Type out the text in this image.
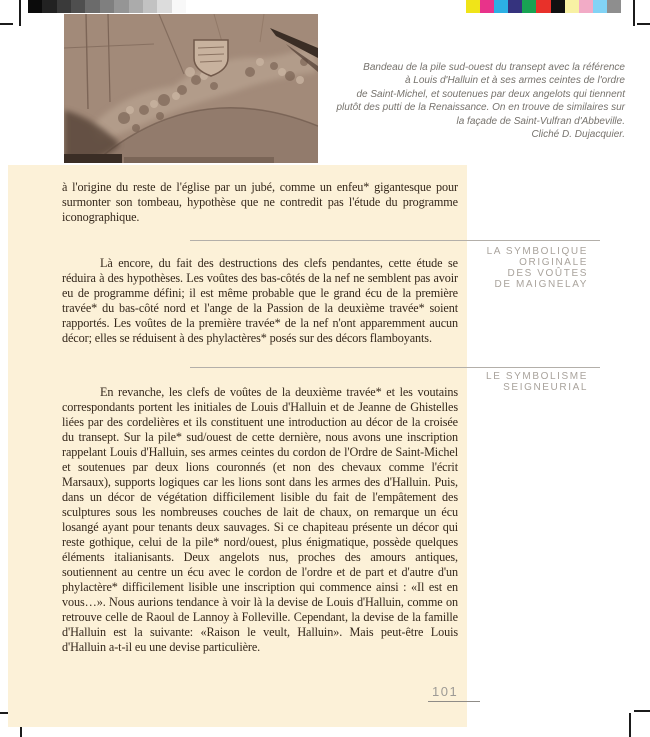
Bandeau de la pile sud-ouest du transept avec la référence
à Louis d'Halluin et à ses armes ceintes de l'ordre
de Saint-Michel, et soutenues par deux angelots qui tiennent
plutôt des putti de la Renaissance. On en trouve de similaires sur
la façade de Saint-Vulfran d'Abbeville.
Cliché D. Dujacquier.
à l'origine du reste de l'église par un jubé, comme un enfeu* gigantesque pour surmonter son tombeau, hypothèse que ne contredit pas l'étude du programme iconographique.
LA SYMBOLIQUE
ORIGINALE
DES VOÛTES
DE MAIGNELAY
Là encore, du fait des destructions des clefs pendantes, cette étude se réduira à des hypothèses. Les voûtes des bas-côtés de la nef ne semblent pas avoir eu de programme défini; il est même probable que le grand écu de la première travée* du bas-côté nord et l'ange de la Passion de la deuxième travée* soient rapportés. Les voûtes de la première travée* de la nef n'ont apparemment aucun décor; elles se réduisent à des phylactères* posés sur des décors flamboyants.
LE SYMBOLISME
SEIGNEURIAL
En revanche, les clefs de voûtes de la deuxième travée* et les voutains correspondants portent les initiales de Louis d'Halluin et de Jeanne de Ghistelles liées par des cordelières et ils constituent une introduction au décor de la croisée du transept. Sur la pile* sud/ouest de cette dernière, nous avons une inscription rappelant Louis d'Halluin, ses armes ceintes du cordon de l'Ordre de Saint-Michel et soutenues par deux lions couronnés (et non des chevaux comme l'écrit Marsaux), supports logiques car les lions sont dans les armes des d'Halluin. Puis, dans un décor de végétation difficilement lisible du fait de l'empâtement des sculptures sous les nombreuses couches de lait de chaux, on remarque un écu losangé ayant pour tenants deux sauvages. Si ce chapiteau présente un décor qui reste gothique, celui de la pile* nord/ouest, plus énigmatique, possède quelques éléments italianisants. Deux angelots nus, proches des amours antiques, soutiennent au centre un écu avec le cordon de l'ordre et de part et d'autre d'un phylactère* difficilement lisible une inscription qui commence ainsi : «Il est en vous…». Nous aurions tendance à voir là la devise de Louis d'Halluin, comme on retrouve celle de Raoul de Lannoy à Folleville. Cependant, la devise de la famille d'Halluin est la suivante: «Raison le veult, Halluin». Mais peut-être Louis d'Halluin a-t-il eu une devise particulière.
101
